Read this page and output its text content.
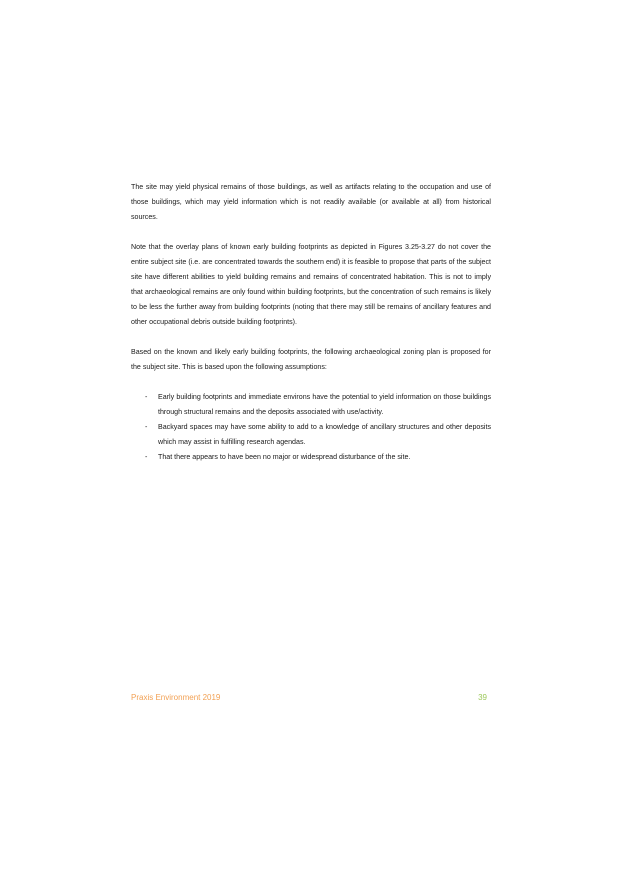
The site may yield physical remains of those buildings, as well as artifacts relating to the occupation and use of those buildings, which may yield information which is not readily available (or available at all) from historical sources.

Note that the overlay plans of known early building footprints as depicted in Figures 3.25-3.27 do not cover the entire subject site (i.e. are concentrated towards the southern end) it is feasible to propose that parts of the subject site have different abilities to yield building remains and remains of concentrated habitation. This is not to imply that archaeological remains are only found within building footprints, but the concentration of such remains is likely to be less the further away from building footprints (noting that there may still be remains of ancillary features and other occupational debris outside building footprints).

Based on the known and likely early building footprints, the following archaeological zoning plan is proposed for the subject site. This is based upon the following assumptions:

- Early building footprints and immediate environs have the potential to yield information on those buildings through structural remains and the deposits associated with use/activity.
- Backyard spaces may have some ability to add to a knowledge of ancillary structures and other deposits which may assist in fulfilling research agendas.
- That there appears to have been no major or widespread disturbance of the site.
Praxis Environment 2019	39
